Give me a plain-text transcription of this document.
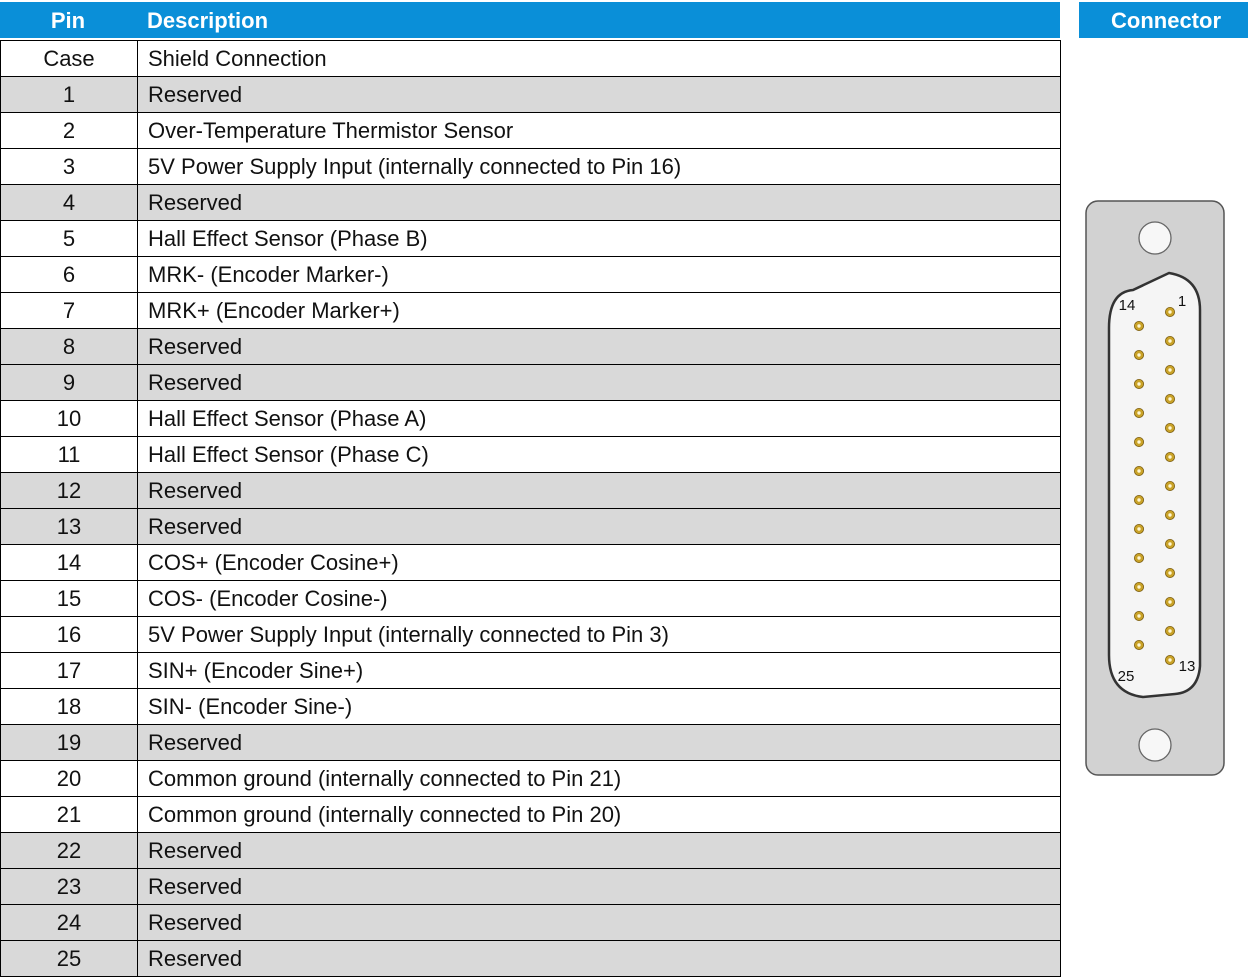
Pin	Description	Connector
Case	Shield Connection
1	Reserved
2	Over-Temperature Thermistor Sensor
3	5V Power Supply Input (internally connected to Pin 16)
4	Reserved
5	Hall Effect Sensor (Phase B)
6	MRK- (Encoder Marker-)
7	MRK+ (Encoder Marker+)
8	Reserved
9	Reserved
10	Hall Effect Sensor (Phase A)
11	Hall Effect Sensor (Phase C)
12	Reserved
13	Reserved
14	COS+ (Encoder Cosine+)
15	COS- (Encoder Cosine-)
16	5V Power Supply Input (internally connected to Pin 3)
17	SIN+ (Encoder Sine+)
18	SIN- (Encoder Sine-)
19	Reserved
20	Common ground (internally connected to Pin 21)
21	Common ground (internally connected to Pin 20)
22	Reserved
23	Reserved
24	Reserved
25	Reserved
14	1
25
13
